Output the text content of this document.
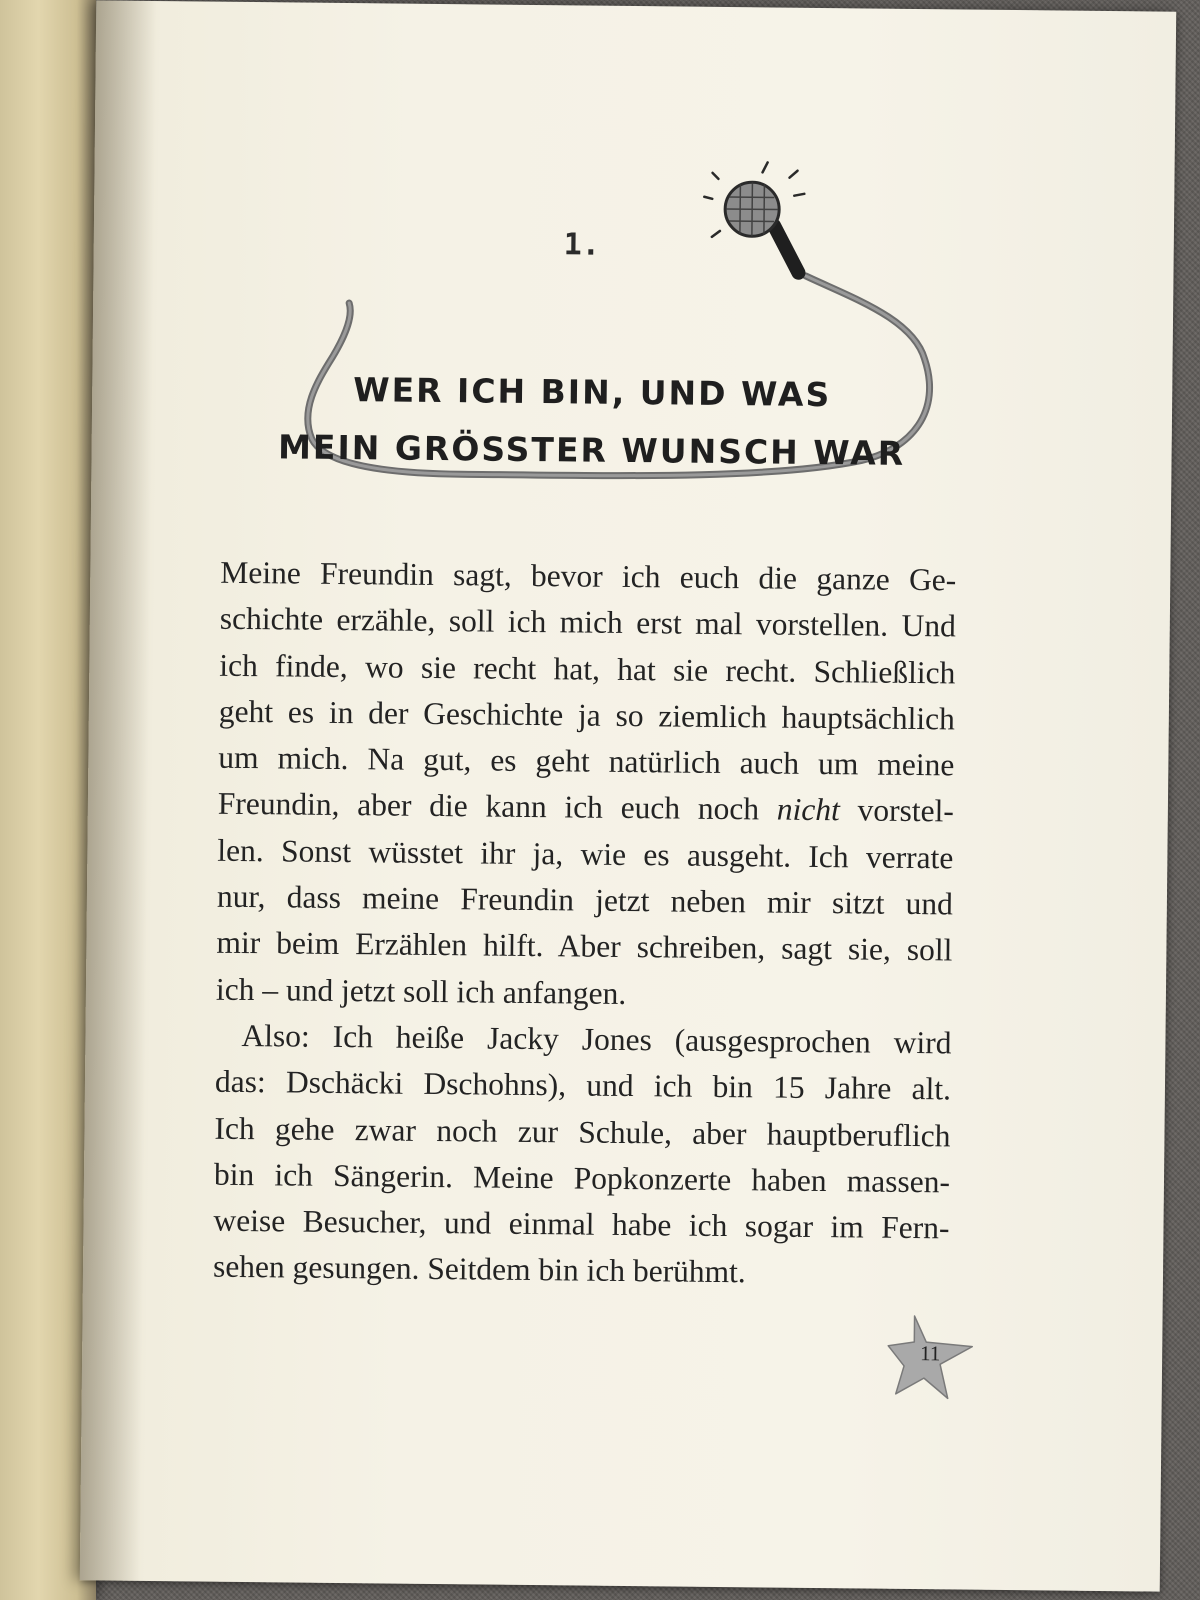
1.
WER ICH BIN, UND WAS
MEIN GRÖSSTER WUNSCH WAR

Meine Freundin sagt, bevor ich euch die ganze Ge-
schichte erzähle, soll ich mich erst mal vorstellen. Und
ich finde, wo sie recht hat, hat sie recht. Schließlich
geht es in der Geschichte ja so ziemlich hauptsächlich
um mich. Na gut, es geht natürlich auch um meine
Freundin, aber die kann ich euch noch nicht vorstel-
len. Sonst wüsstet ihr ja, wie es ausgeht. Ich verrate
nur, dass meine Freundin jetzt neben mir sitzt und
mir beim Erzählen hilft. Aber schreiben, sagt sie, soll
ich – und jetzt soll ich anfangen.

Also: Ich heiße Jacky Jones (ausgesprochen wird
das: Dschäcki Dschohns), und ich bin 15 Jahre alt.
Ich gehe zwar noch zur Schule, aber hauptberuflich
bin ich Sängerin. Meine Popkonzerte haben massen-
weise Besucher, und einmal habe ich sogar im Fern-
sehen gesungen. Seitdem bin ich berühmt.

11
